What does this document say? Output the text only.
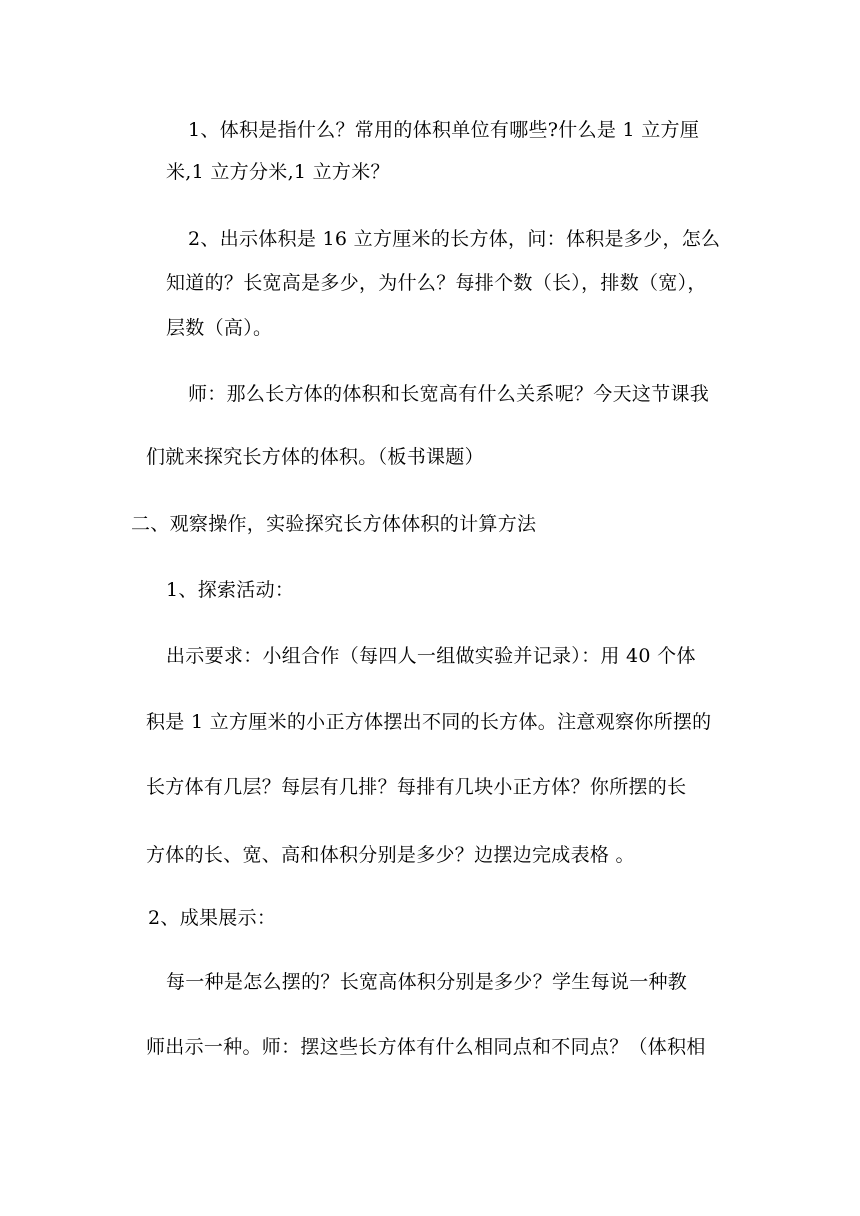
1、体积是指什么？常用的体积单位有哪些?什么是 1 立方厘
米,1 立方分米,1 立方米？
2、出示体积是 16 立方厘米的长方体，问：体积是多少，怎么
知道的？长宽高是多少，为什么？每排个数（长），排数（宽），
层数（高）。
师：那么长方体的体积和长宽高有什么关系呢？今天这节课我
们就来探究长方体的体积。（板书课题）
二、观察操作，实验探究长方体体积的计算方法
1、探索活动：
出示要求：小组合作（每四人一组做实验并记录）：用 40 个体
积是 1 立方厘米的小正方体摆出不同的长方体。注意观察你所摆的
长方体有几层？每层有几排？每排有几块小正方体？你所摆的长
方体的长、宽、高和体积分别是多少？边摆边完成表格 。
2、成果展示：
每一种是怎么摆的？长宽高体积分别是多少？学生每说一种教
师出示一种。师：摆这些长方体有什么相同点和不同点？（体积相
